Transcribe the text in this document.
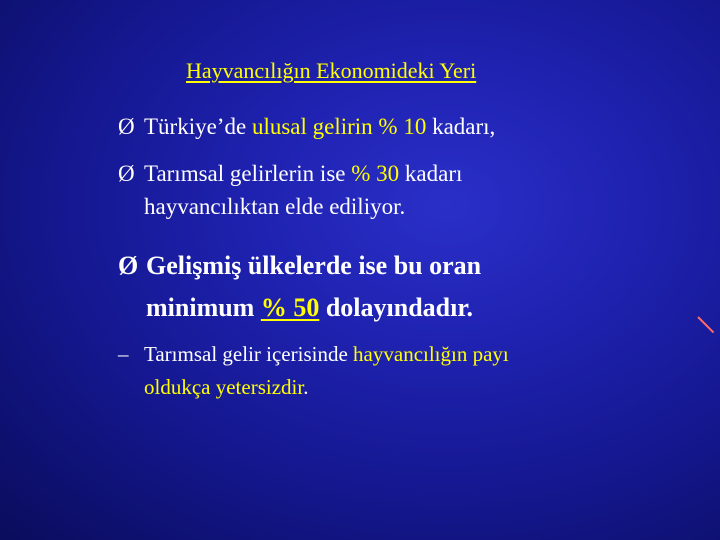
Hayvancılığın Ekonomideki Yeri
Ø Türkiye’de ulusal gelirin % 10 kadarı,
Ø Tarımsal gelirlerin ise % 30 kadarı
hayvancılıktan elde ediliyor.
Ø Gelişmiş ülkelerde ise bu oran
minimum % 50 dolayındadır.
– Tarımsal gelir içerisinde hayvancılığın payı
oldukça yetersizdir.
